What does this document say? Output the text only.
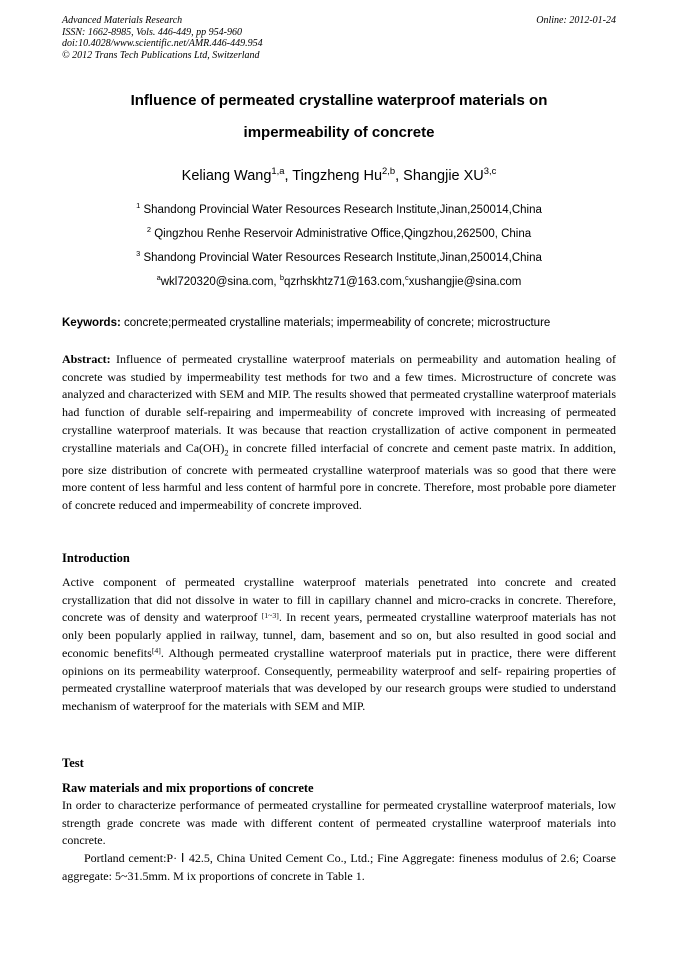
Advanced Materials Research
ISSN: 1662-8985, Vols. 446-449, pp 954-960
doi:10.4028/www.scientific.net/AMR.446-449.954
© 2012 Trans Tech Publications Ltd, Switzerland
Online: 2012-01-24
Influence of permeated crystalline waterproof materials on
impermeability of concrete
Keliang Wang$^{1,a}$, Tingzheng Hu$^{2,b}$, Shangjie XU$^{3,c}$
$^1$ Shandong Provincial Water Resources Research Institute,Jinan,250014,China
$^2$ Qingzhou Renhe Reservoir Administrative Office,Qingzhou,262500, China
$^3$ Shandong Provincial Water Resources Research Institute,Jinan,250014,China
$^a$wkl720320@sina.com, $^b$qzrhskhtz71@163.com,$^c$xushangjie@sina.com
Keywords: concrete;permeated crystalline materials; impermeability of concrete; microstructure
Abstract: Influence of permeated crystalline waterproof materials on permeability and automation healing of concrete was studied by impermeability test methods for two and a few times. Microstructure of concrete was analyzed and characterized with SEM and MIP. The results showed that permeated crystalline waterproof materials had function of durable self-repairing and impermeability of concrete improved with increasing of permeated crystalline waterproof materials. It was because that reaction crystallization of active component in permeated crystalline materials and $Ca(OH)_2$ in concrete filled interfacial of concrete and cement paste matrix. In addition, pore size distribution of concrete with permeated crystalline waterproof materials was so good that there were more content of less harmful and less content of harmful pore in concrete. Therefore, most probable pore diameter of concrete reduced and impermeability of concrete improved.
Introduction
Active component of permeated crystalline waterproof materials penetrated into concrete and created crystallization that did not dissolve in water to fill in capillary channel and micro-cracks in concrete. Therefore, concrete was of density and waterproof [1~3]. In recent years, permeated crystalline waterproof materials has not only been popularly applied in railway, tunnel, dam, basement and so on, but also resulted in good social and economic benefits[4]. Although permeated crystalline waterproof materials put in practice, there were different opinions on its permeability waterproof. Consequently, permeability waterproof and self- repairing properties of permeated crystalline waterproof materials that was developed by our research groups were studied to understand mechanism of waterproof for the materials with SEM and MIP.
Test
Raw materials and mix proportions of concrete
In order to characterize performance of permeated crystalline for permeated crystalline waterproof materials, low strength grade concrete was made with different content of permeated crystalline waterproof materials into concrete.
Portland cement:P· Ⅰ 42.5, China United Cement Co., Ltd.; Fine Aggregate: fineness modulus of 2.6; Coarse aggregate: 5~31.5mm. M ix proportions of concrete in Table 1.
